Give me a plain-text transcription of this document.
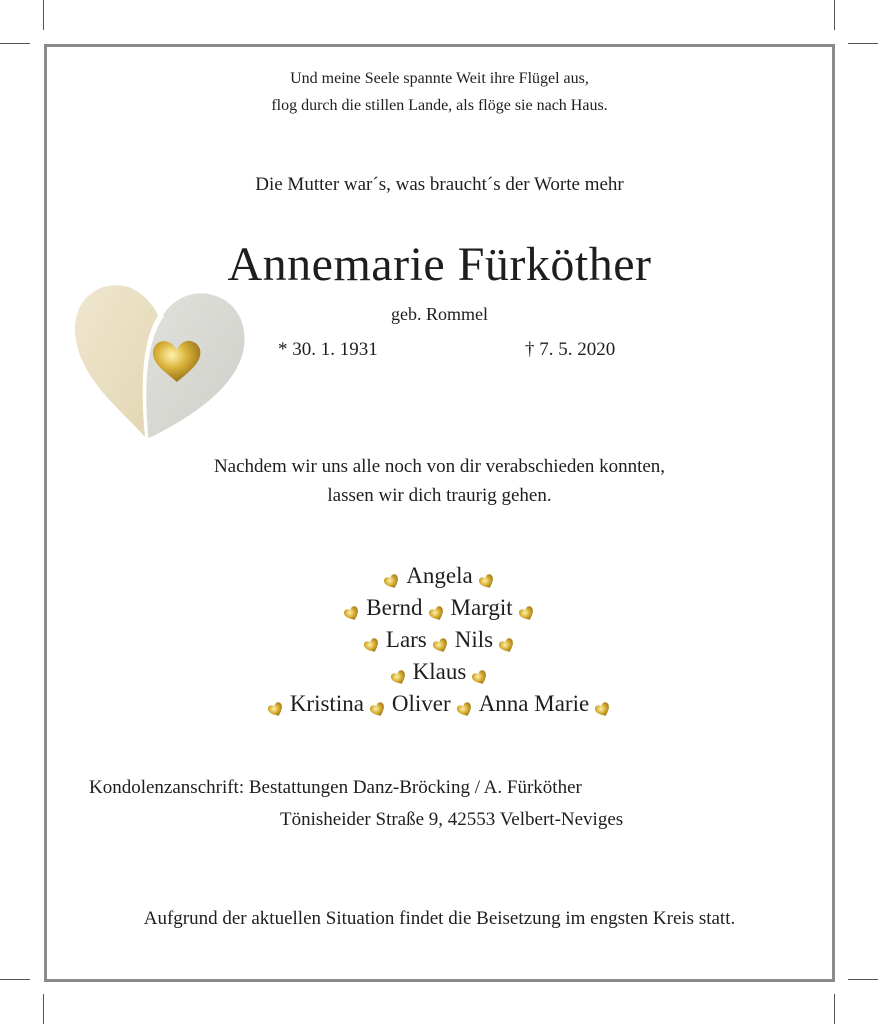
Und meine Seele spannte Weit ihre Flügel aus,
flog durch die stillen Lande, als flöge sie nach Haus.
Die Mutter war´s, was braucht´s der Worte mehr
Annemarie Fürköther
geb. Rommel
* 30. 1. 1931	† 7. 5. 2020
Nachdem wir uns alle noch von dir verabschieden konnten,
lassen wir dich traurig gehen.
Angela
Bernd Margit
Lars Nils
Klaus
Kristina Oliver Anna Marie
Kondolenzanschrift: Bestattungen Danz-Bröcking / A. Fürköther
Tönisheider Straße 9, 42553 Velbert-Neviges
Aufgrund der aktuellen Situation findet die Beisetzung im engsten Kreis statt.
